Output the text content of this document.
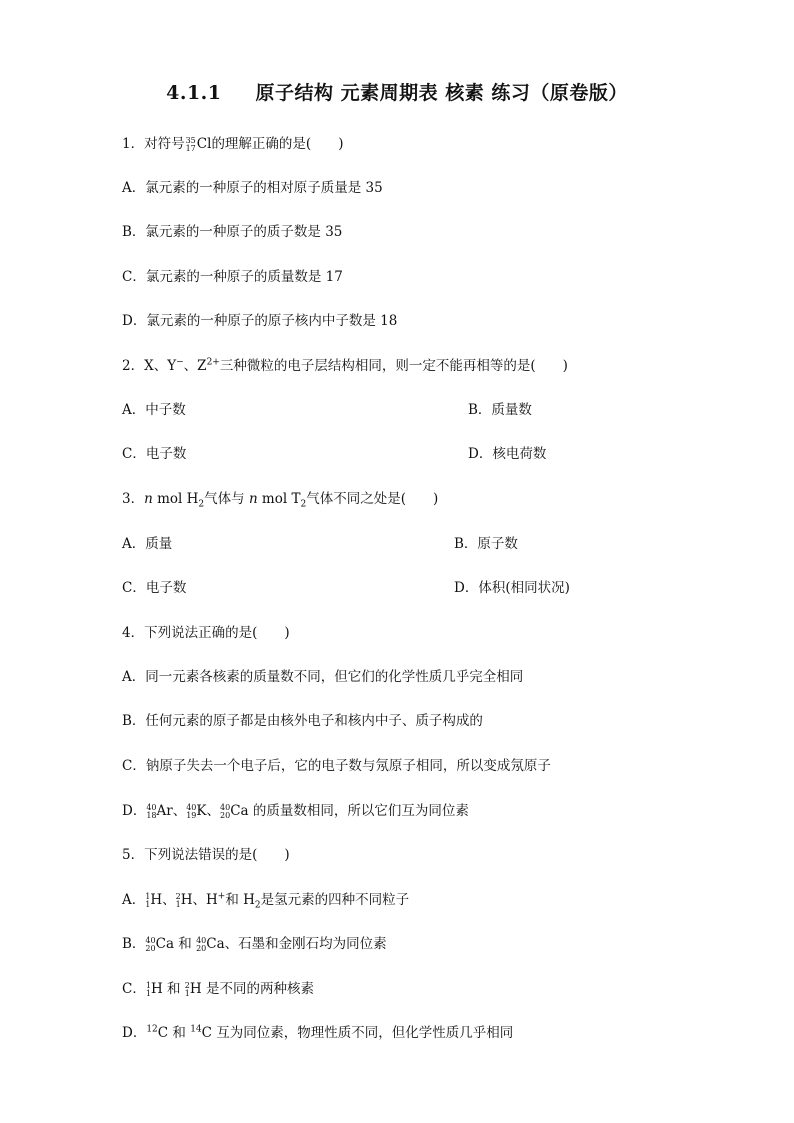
4.1.1 原子结构 元素周期表 核素 练习（原卷版）
1．对符号 35
17 Cl的理解正确的是(　　)
A．氯元素的一种原子的相对原子质量是 35
B．氯元素的一种原子的质子数是 35
C．氯元素的一种原子的质量数是 17
D．氯元素的一种原子的原子核内中子数是 18
2．X、Y−、$Z^{2+}$三种微粒的电子层结构相同，则一定不能再相等的是(　　)
A．中子数	B．质量数
C．电子数	D．核电荷数
3．n mol $H_2$气体与 n mol $T_2$气体不同之处是(　　)
A．质量	B．原子数
C．电子数	D．体积(相同状况)
4．下列说法正确的是(　　)
A．同一元素各核素的质量数不同，但它们的化学性质几乎完全相同
B．任何元素的原子都是由核外电子和核内中子、质子构成的
C．钠原子失去一个电子后，它的电子数与氖原子相同，所以变成氖原子
D． 40
18 Ar、 40
19 K、 40
20 Ca 的质量数相同，所以它们互为同位素
5．下列说法错误的是(　　)
A． 1
1 H、 2
1 H、H+和 $H_2$是氢元素的四种不同粒子
B． 40
20 Ca 和 40
20 Ca、石墨和金刚石均为同位素
C． 1
1 H 和 2
1 H 是不同的两种核素
D．$^{12}$C 和 $^{14}$C 互为同位素，物理性质不同，但化学性质几乎相同
